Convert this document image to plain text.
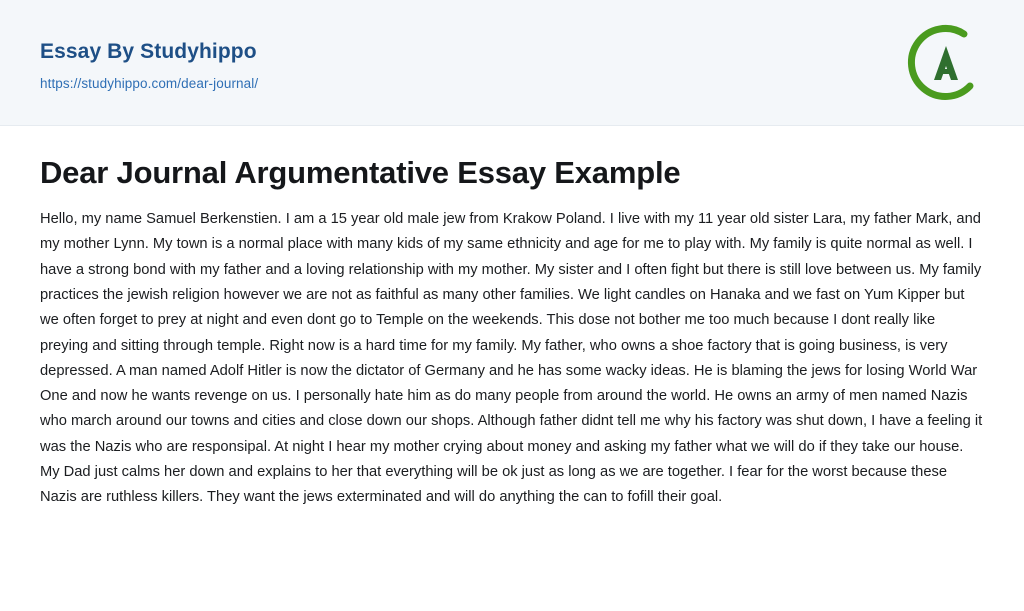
Essay By Studyhippo
https://studyhippo.com/dear-journal/
Dear Journal Argumentative Essay Example

Hello, my name Samuel Berkenstien. I am a 15 year old male jew from Krakow Poland. I live with my 11 year old sister Lara, my father Mark, and my mother Lynn. My town is a normal place with many kids of my same ethnicity and age for me to play with. My family is quite normal as well. I have a strong bond with my father and a loving relationship with my mother. My sister and I often fight but there is still love between us. My family practices the jewish religion however we are not as faithful as many other families. We light candles on Hanaka and we fast on Yum Kipper but we often forget to prey at night and even dont go to Temple on the weekends. This dose not bother me too much because I dont really like preying and sitting through temple. Right now is a hard time for my family. My father, who owns a shoe factory that is going business, is very depressed. A man named Adolf Hitler is now the dictator of Germany and he has some wacky ideas. He is blaming the jews for losing World War One and now he wants revenge on us. I personally hate him as do many people from around the world. He owns an army of men named Nazis who march around our towns and cities and close down our shops. Although father didnt tell me why his factory was shut down, I have a feeling it was the Nazis who are responsipal. At night I hear my mother crying about money and asking my father what we will do if they take our house. My Dad just calms her down and explains to her that everything will be ok just as long as we are together. I fear for the worst because these Nazis are ruthless killers. They want the jews exterminated and will do anything the can to fofill their goal.
